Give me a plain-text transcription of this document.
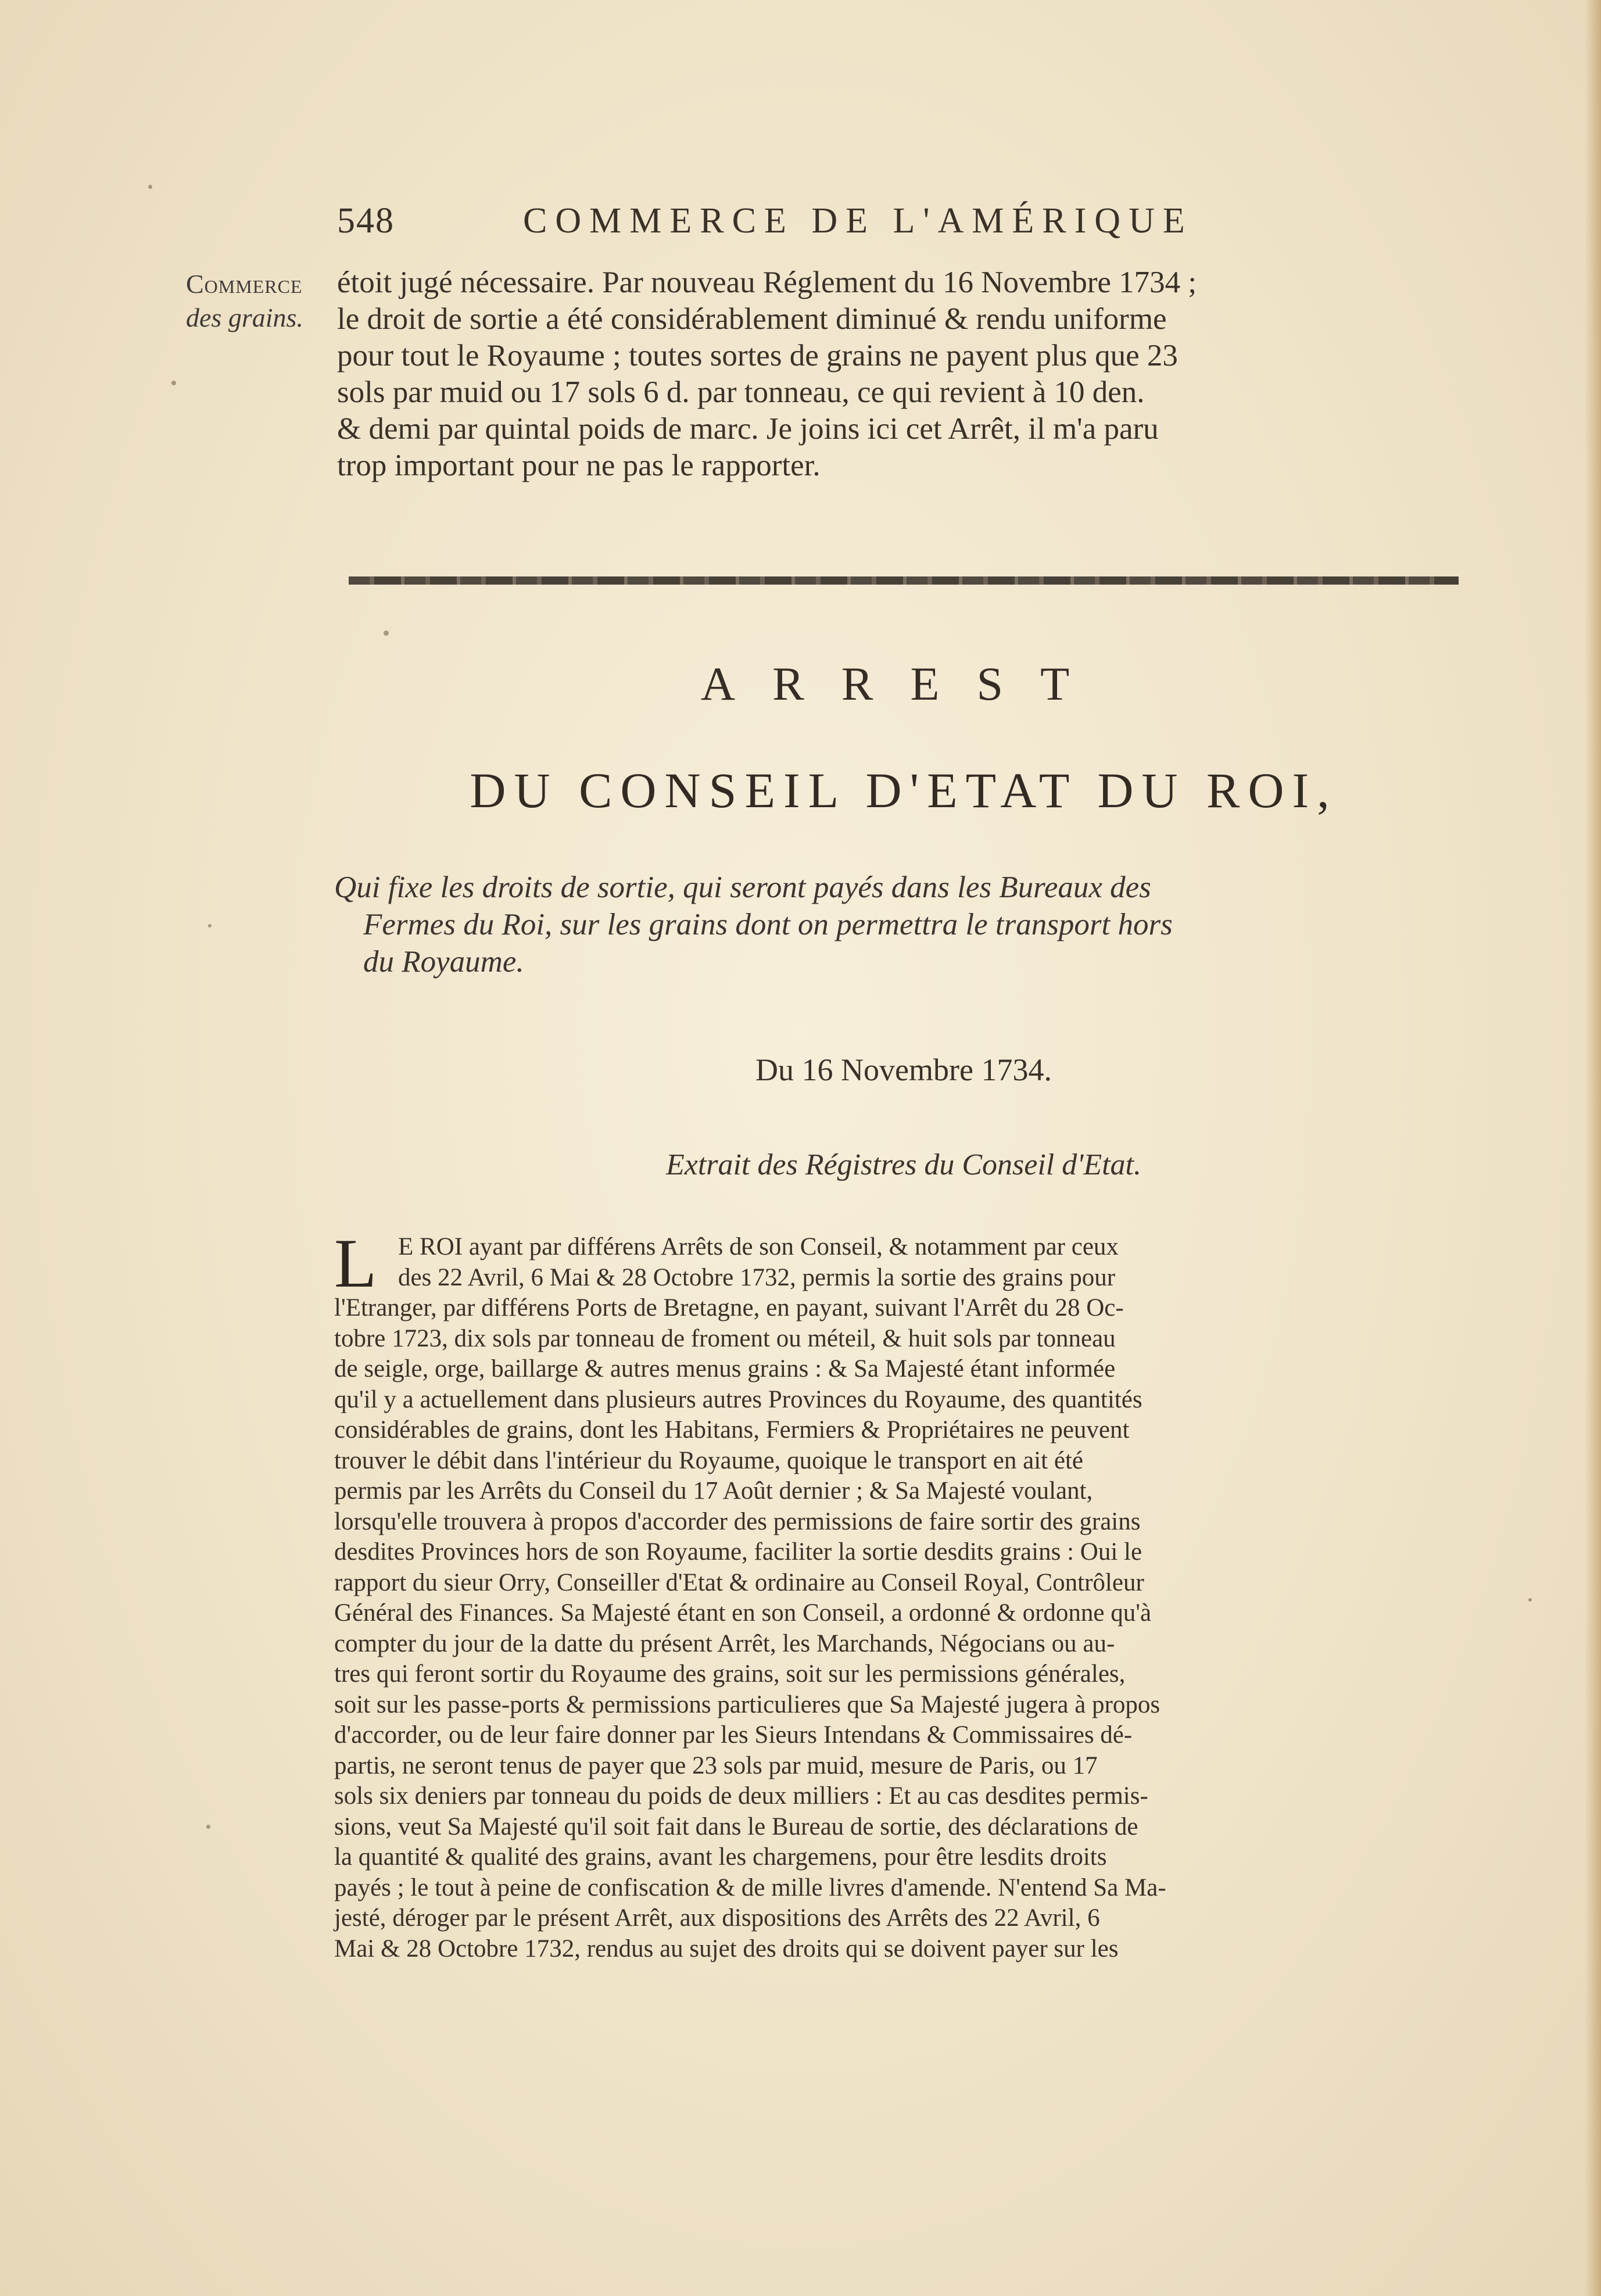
548	COMMERCE DE L'AMÉRIQUE
Commerce
des grains.
étoit jugé nécessaire. Par nouveau Réglement du 16 Novembre 1734 ;
le droit de sortie a été considérablement diminué & rendu uniforme
pour tout le Royaume ; toutes sortes de grains ne payent plus que 23
sols par muid ou 17 sols 6 d. par tonneau, ce qui revient à 10 den.
& demi par quintal poids de marc. Je joins ici cet Arrêt, il m'a paru
trop important pour ne pas le rapporter.
ARREST
DU CONSEIL D'ETAT DU ROI,
Qui fixe les droits de sortie, qui seront payés dans les Bureaux des
Fermes du Roi, sur les grains dont on permettra le transport hors
du Royaume.
Du 16 Novembre 1734.
Extrait des Régistres du Conseil d'Etat.
L E ROI ayant par différens Arrêts de son Conseil, & notamment par ceux
des 22 Avril, 6 Mai & 28 Octobre 1732, permis la sortie des grains pour
l'Etranger, par différens Ports de Bretagne, en payant, suivant l'Arrêt du 28 Oc-
tobre 1723, dix sols par tonneau de froment ou méteil, & huit sols par tonneau
de seigle, orge, baillarge & autres menus grains : & Sa Majesté étant informée
qu'il y a actuellement dans plusieurs autres Provinces du Royaume, des quantités
considérables de grains, dont les Habitans, Fermiers & Propriétaires ne peuvent
trouver le débit dans l'intérieur du Royaume, quoique le transport en ait été
permis par les Arrêts du Conseil du 17 Août dernier ; & Sa Majesté voulant,
lorsqu'elle trouvera à propos d'accorder des permissions de faire sortir des grains
desdites Provinces hors de son Royaume, faciliter la sortie desdits grains : Oui le
rapport du sieur Orry, Conseiller d'Etat & ordinaire au Conseil Royal, Contrôleur
Général des Finances. Sa Majesté étant en son Conseil, a ordonné & ordonne qu'à
compter du jour de la datte du présent Arrêt, les Marchands, Négocians ou au-
tres qui feront sortir du Royaume des grains, soit sur les permissions générales,
soit sur les passe-ports & permissions particulieres que Sa Majesté jugera à propos
d'accorder, ou de leur faire donner par les Sieurs Intendans & Commissaires dé-
partis, ne seront tenus de payer que 23 sols par muid, mesure de Paris, ou 17
sols six deniers par tonneau du poids de deux milliers : Et au cas desdites permis-
sions, veut Sa Majesté qu'il soit fait dans le Bureau de sortie, des déclarations de
la quantité & qualité des grains, avant les chargemens, pour être lesdits droits
payés ; le tout à peine de confiscation & de mille livres d'amende. N'entend Sa Ma-
jesté, déroger par le présent Arrêt, aux dispositions des Arrêts des 22 Avril, 6
Mai & 28 Octobre 1732, rendus au sujet des droits qui se doivent payer sur les
